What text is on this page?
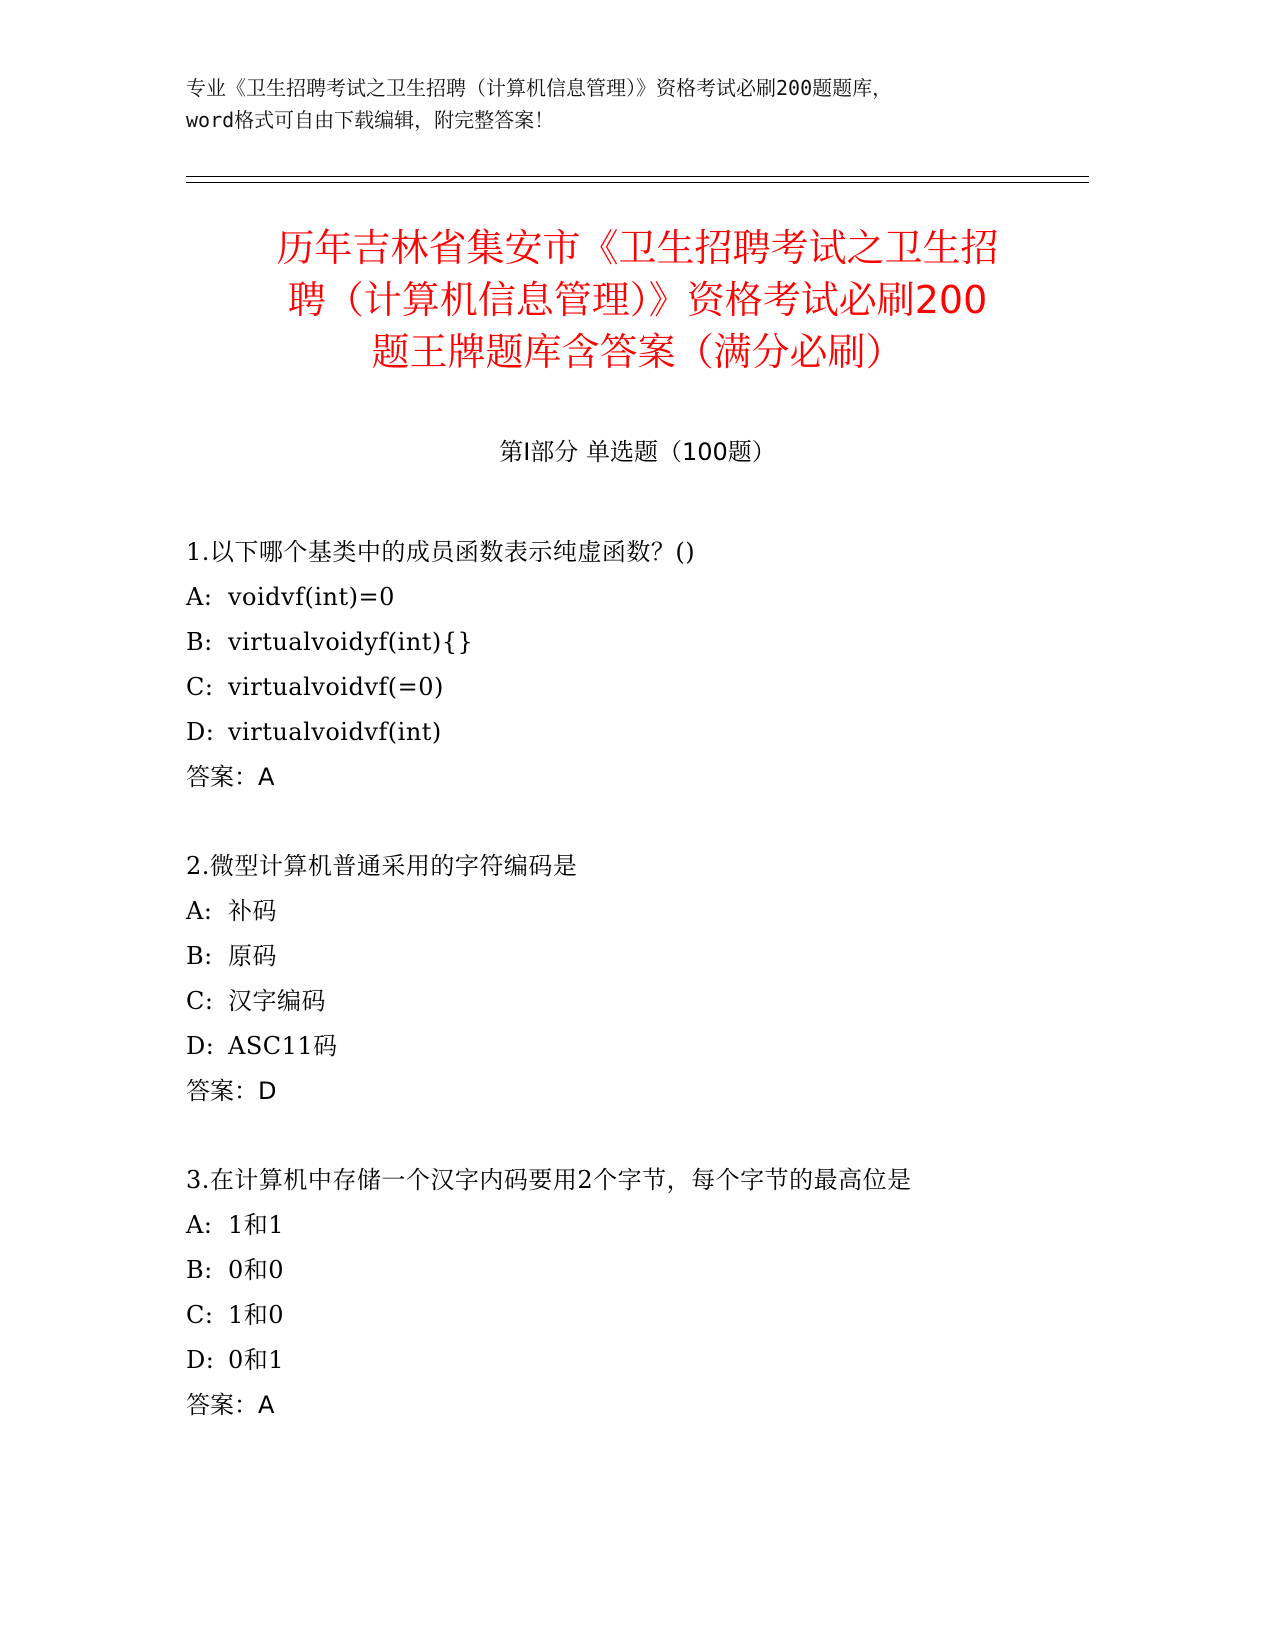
专业《卫生招聘考试之卫生招聘（计算机信息管理）》资格考试必刷200题题库，
word格式可自由下载编辑，附完整答案！
历年吉林省集安市《卫生招聘考试之卫生招
聘（计算机信息管理）》资格考试必刷200
题王牌题库含答案（满分必刷）
第Ⅰ部分 单选题（100题）
1.以下哪个基类中的成员函数表示纯虚函数？()
A: voidvf(int)=0
B: virtualvoidyf(int){}
C: virtualvoidvf(=0)
D: virtualvoidvf(int)
答案：A
2.微型计算机普通采用的字符编码是
A: 补码
B: 原码
C: 汉字编码
D: ASC11码
答案：D
3.在计算机中存储一个汉字内码要用2个字节，每个字节的最高位是
A: 1和1
B: 0和0
C: 1和0
D: 0和1
答案：A
